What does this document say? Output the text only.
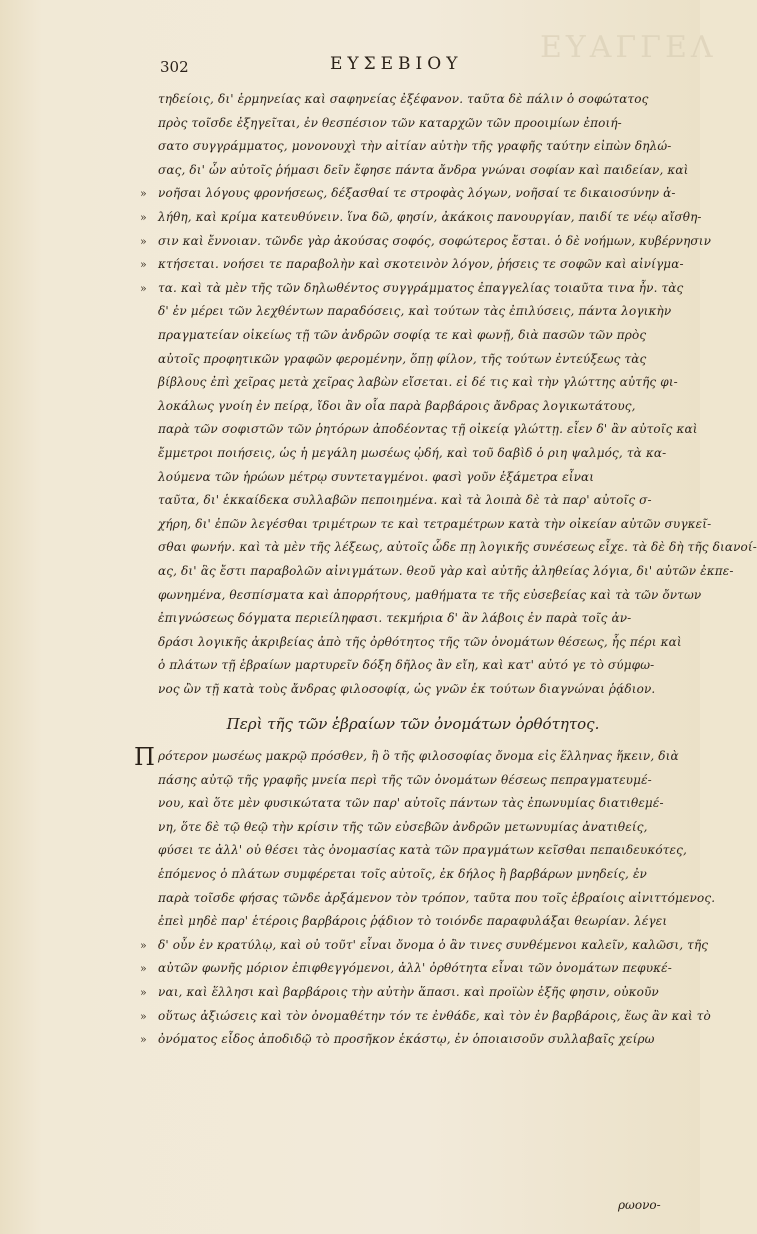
ΕΥΑΓΓΕΛ
302	ΕΥΣΕΒΙΟΥ
τηδείοις, δι' ἑρμηνείας καὶ σαφηνείας ἐξέφανον. ταῦτα δὲ πάλιν ὁ σοφώτατος
πρὸς τοῖσδε ἐξηγεῖται, ἐν θεσπέσιον τῶν καταρχῶν τῶν προοιμίων ἐποιή-
σατο συγγράμματος, μονονουχὶ τὴν αἰτίαν αὐτὴν τῆς γραφῆς ταύτην εἰπὼν δηλώ-
σας, δι' ὧν αὐτοῖς ῥήμασι δεῖν ἔφησε πάντα ἄνδρα γνώναι σοφίαν καὶ παιδείαν, καὶ
νοῆσαι λόγους φρονήσεως, δέξασθαί τε στροφὰς λόγων, νοῆσαί τε δικαιοσύνην ἀ-
»
λήθη, καὶ κρίμα κατευθύνειν. ἵνα δῶ, φησίν, ἀκάκοις πανουργίαν, παιδί τε νέῳ αἴσθη-
»
σιν καὶ ἔννοιαν. τῶνδε γὰρ ἀκούσας σοφός, σοφώτερος ἔσται. ὁ δὲ νοήμων, κυβέρνησιν
»
κτήσεται. νοήσει τε παραβολὴν καὶ σκοτεινὸν λόγον, ῥήσεις τε σοφῶν καὶ αἰνίγμα-
»
τα. καὶ τὰ μὲν τῆς τῶν δηλωθέντος συγγράμματος ἐπαγγελίας τοιαῦτα τινα ἦν. τὰς
»
δ' ἐν μέρει τῶν λεχθέντων παραδόσεις, καὶ τούτων τὰς ἐπιλύσεις, πάντα λογικὴν
πραγματείαν οἰκείως τῇ τῶν ἀνδρῶν σοφίᾳ τε καὶ φωνῇ, διὰ πασῶν τῶν πρὸς
αὐτοῖς προφητικῶν γραφῶν φερομένην, ὅπῃ φίλον, τῆς τούτων ἐντεύξεως τὰς
βίβλους ἐπὶ χεῖρας μετὰ χεῖρας λαβὼν εἴσεται. εἰ δέ τις καὶ τὴν γλώττης αὐτῆς φι-
λοκάλως γνοίη ἐν πείρᾳ, ἴδοι ἂν οἷα παρὰ βαρβάροις ἄνδρας λογικωτάτους,
παρὰ τῶν σοφιστῶν τῶν ῥητόρων ἀποδέοντας τῇ οἰκείᾳ γλώττῃ. εἶεν δ' ἂν αὐτοῖς καὶ
ἔμμετροι ποιήσεις, ὡς ἡ μεγάλη μωσέως ᾠδή, καὶ τοῦ δαβὶδ ὁ ριη ψαλμός, τὰ κα-
λούμενα τῶν ἡρώων μέτρῳ συντεταγμένοι. φασὶ γοῦν ἑξάμετρα εἶναι
ταῦτα, δι' ἑκκαίδεκα συλλαβῶν πεποιημένα. καὶ τὰ λοιπὰ δὲ τὰ παρ' αὐτοῖς σ-
χήρη, δι' ἐπῶν λεγέσθαι τριμέτρων τε καὶ τετραμέτρων κατὰ τὴν οἰκείαν αὐτῶν συγκεῖ-
σθαι φωνήν. καὶ τὰ μὲν τῆς λέξεως, αὐτοῖς ὧδε πῃ λογικῆς συνέσεως εἶχε. τὰ δὲ δὴ τῆς διανοί-
ας, δι' ἃς ἔστι παραβολῶν αἰνιγμάτων. θεοῦ γὰρ καὶ αὐτῆς ἀληθείας λόγια, δι' αὐτῶν ἐκπε-
φωνημένα, θεσπίσματα καὶ ἀπορρήτους, μαθήματα τε τῆς εὐσεβείας καὶ τὰ τῶν ὄντων
ἐπιγνώσεως δόγματα περιείληφασι. τεκμήρια δ' ἂν λάβοις ἐν παρὰ τοῖς ἀν-
δράσι λογικῆς ἀκριβείας ἀπὸ τῆς ὀρθότητος τῆς τῶν ὀνομάτων θέσεως, ἧς πέρι καὶ
ὁ πλάτων τῇ ἑβραίων μαρτυρεῖν δόξη δῆλος ἂν εἴη, καὶ κατ' αὐτό γε τὸ σύμφω-
νος ὢν τῇ κατὰ τοὺς ἄνδρας φιλοσοφίᾳ, ὡς γνῶν ἐκ τούτων διαγνώναι ῥᾴδιον.
Περὶ τῆς τῶν ἑβραίων τῶν ὀνομάτων ὀρθότητος.
Π ρότερον μωσέως μακρῷ πρόσθεν, ἢ ὃ τῆς φιλοσοφίας ὄνομα εἰς ἕλληνας ἥκειν, διὰ
πάσης αὐτῷ τῆς γραφῆς μνεία περὶ τῆς τῶν ὀνομάτων θέσεως πεπραγματευμέ-
νου, καὶ ὅτε μὲν φυσικώτατα τῶν παρ' αὐτοῖς πάντων τὰς ἐπωνυμίας διατιθεμέ-
νη, ὅτε δὲ τῷ θεῷ τὴν κρίσιν τῆς τῶν εὐσεβῶν ἀνδρῶν μετωνυμίας ἀνατιθείς,
φύσει τε ἀλλ' οὐ θέσει τὰς ὀνομασίας κατὰ τῶν πραγμάτων κεῖσθαι πεπαιδευκότες,
ἑπόμενος ὁ πλάτων συμφέρεται τοῖς αὐτοῖς, ἐκ δήλος ἢ βαρβάρων μνηδείς, ἐν
παρὰ τοῖσδε φήσας τῶνδε ἀρξάμενον τὸν τρόπον, ταῦτα που τοῖς ἑβραίοις αἰνιττόμενος.
ἐπεὶ μηδὲ παρ' ἑτέροις βαρβάροις ῥᾴδιον τὸ τοιόνδε παραφυλάξαι θεωρίαν. λέγει
δ' οὖν ἐν κρατύλῳ, καὶ οὐ τοῦτ' εἶναι ὄνομα ὁ ἂν τινες συνθέμενοι καλεῖν, καλῶσι, τῆς
»
αὐτῶν φωνῆς μόριον ἐπιφθεγγόμενοι, ἀλλ' ὀρθότητα εἶναι τῶν ὀνομάτων πεφυκέ-
»
ναι, καὶ ἕλλησι καὶ βαρβάροις τὴν αὐτὴν ἅπασι. καὶ προϊὼν ἑξῆς φησιν, οὐκοῦν
»
οὕτως ἀξιώσεις καὶ τὸν ὀνομαθέτην τόν τε ἐνθάδε, καὶ τὸν ἐν βαρβάροις, ἕως ἂν καὶ τὸ
»
ὀνόματος εἶδος ἀποδιδῷ τὸ προσῆκον ἑκάστῳ, ἐν ὁποιαισοῦν συλλαβαῖς χείρω
»
ρωονο-
